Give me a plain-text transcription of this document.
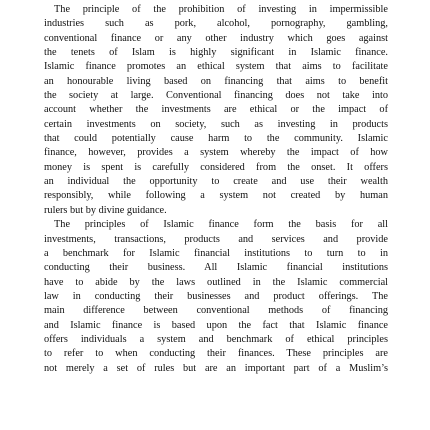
The principle of the prohibition of investing in impermissible
industries such as pork, alcohol, pornography, gambling,
conventional finance or any other industry which goes against
the tenets of Islam is highly significant in Islamic finance.
Islamic finance promotes an ethical system that aims to facilitate
an honourable living based on financing that aims to benefit
the society at large. Conventional financing does not take into
account whether the investments are ethical or the impact of
certain investments on society, such as investing in products
that could potentially cause harm to the community. Islamic
finance, however, provides a system whereby the impact of how
money is spent is carefully considered from the onset. It offers
an individual the opportunity to create and use their wealth
responsibly, while following a system not created by human
rulers but by divine guidance.
The principles of Islamic finance form the basis for all
investments, transactions, products and services and provide
a benchmark for Islamic financial institutions to turn to in
conducting their business. All Islamic financial institutions
have to abide by the laws outlined in the Islamic commercial
law in conducting their businesses and product offerings. The
main difference between conventional methods of financing
and Islamic finance is based upon the fact that Islamic finance
offers individuals a system and benchmark of ethical principles
to refer to when conducting their finances. These principles are
not merely a set of rules but are an important part of a Muslim’s
